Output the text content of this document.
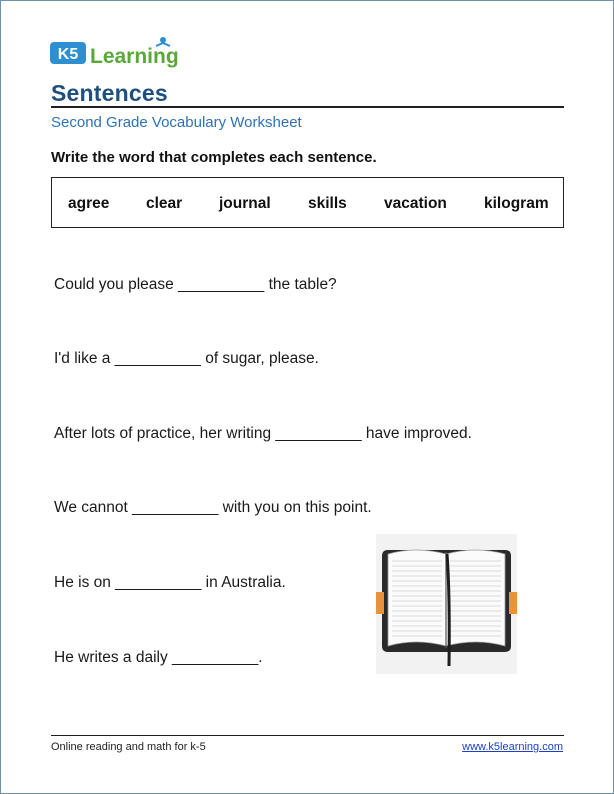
K5 Learning
Sentences
Second Grade Vocabulary Worksheet
Write the word that completes each sentence.
agree clear journal skills vacation kilogram
Could you please __________ the table?
I'd like a __________ of sugar, please.
After lots of practice, her writing __________ have improved.
We cannot __________ with you on this point.
He is on __________ in Australia.
He writes a daily __________.
Online reading and math for k-5	www.k5learning.com
